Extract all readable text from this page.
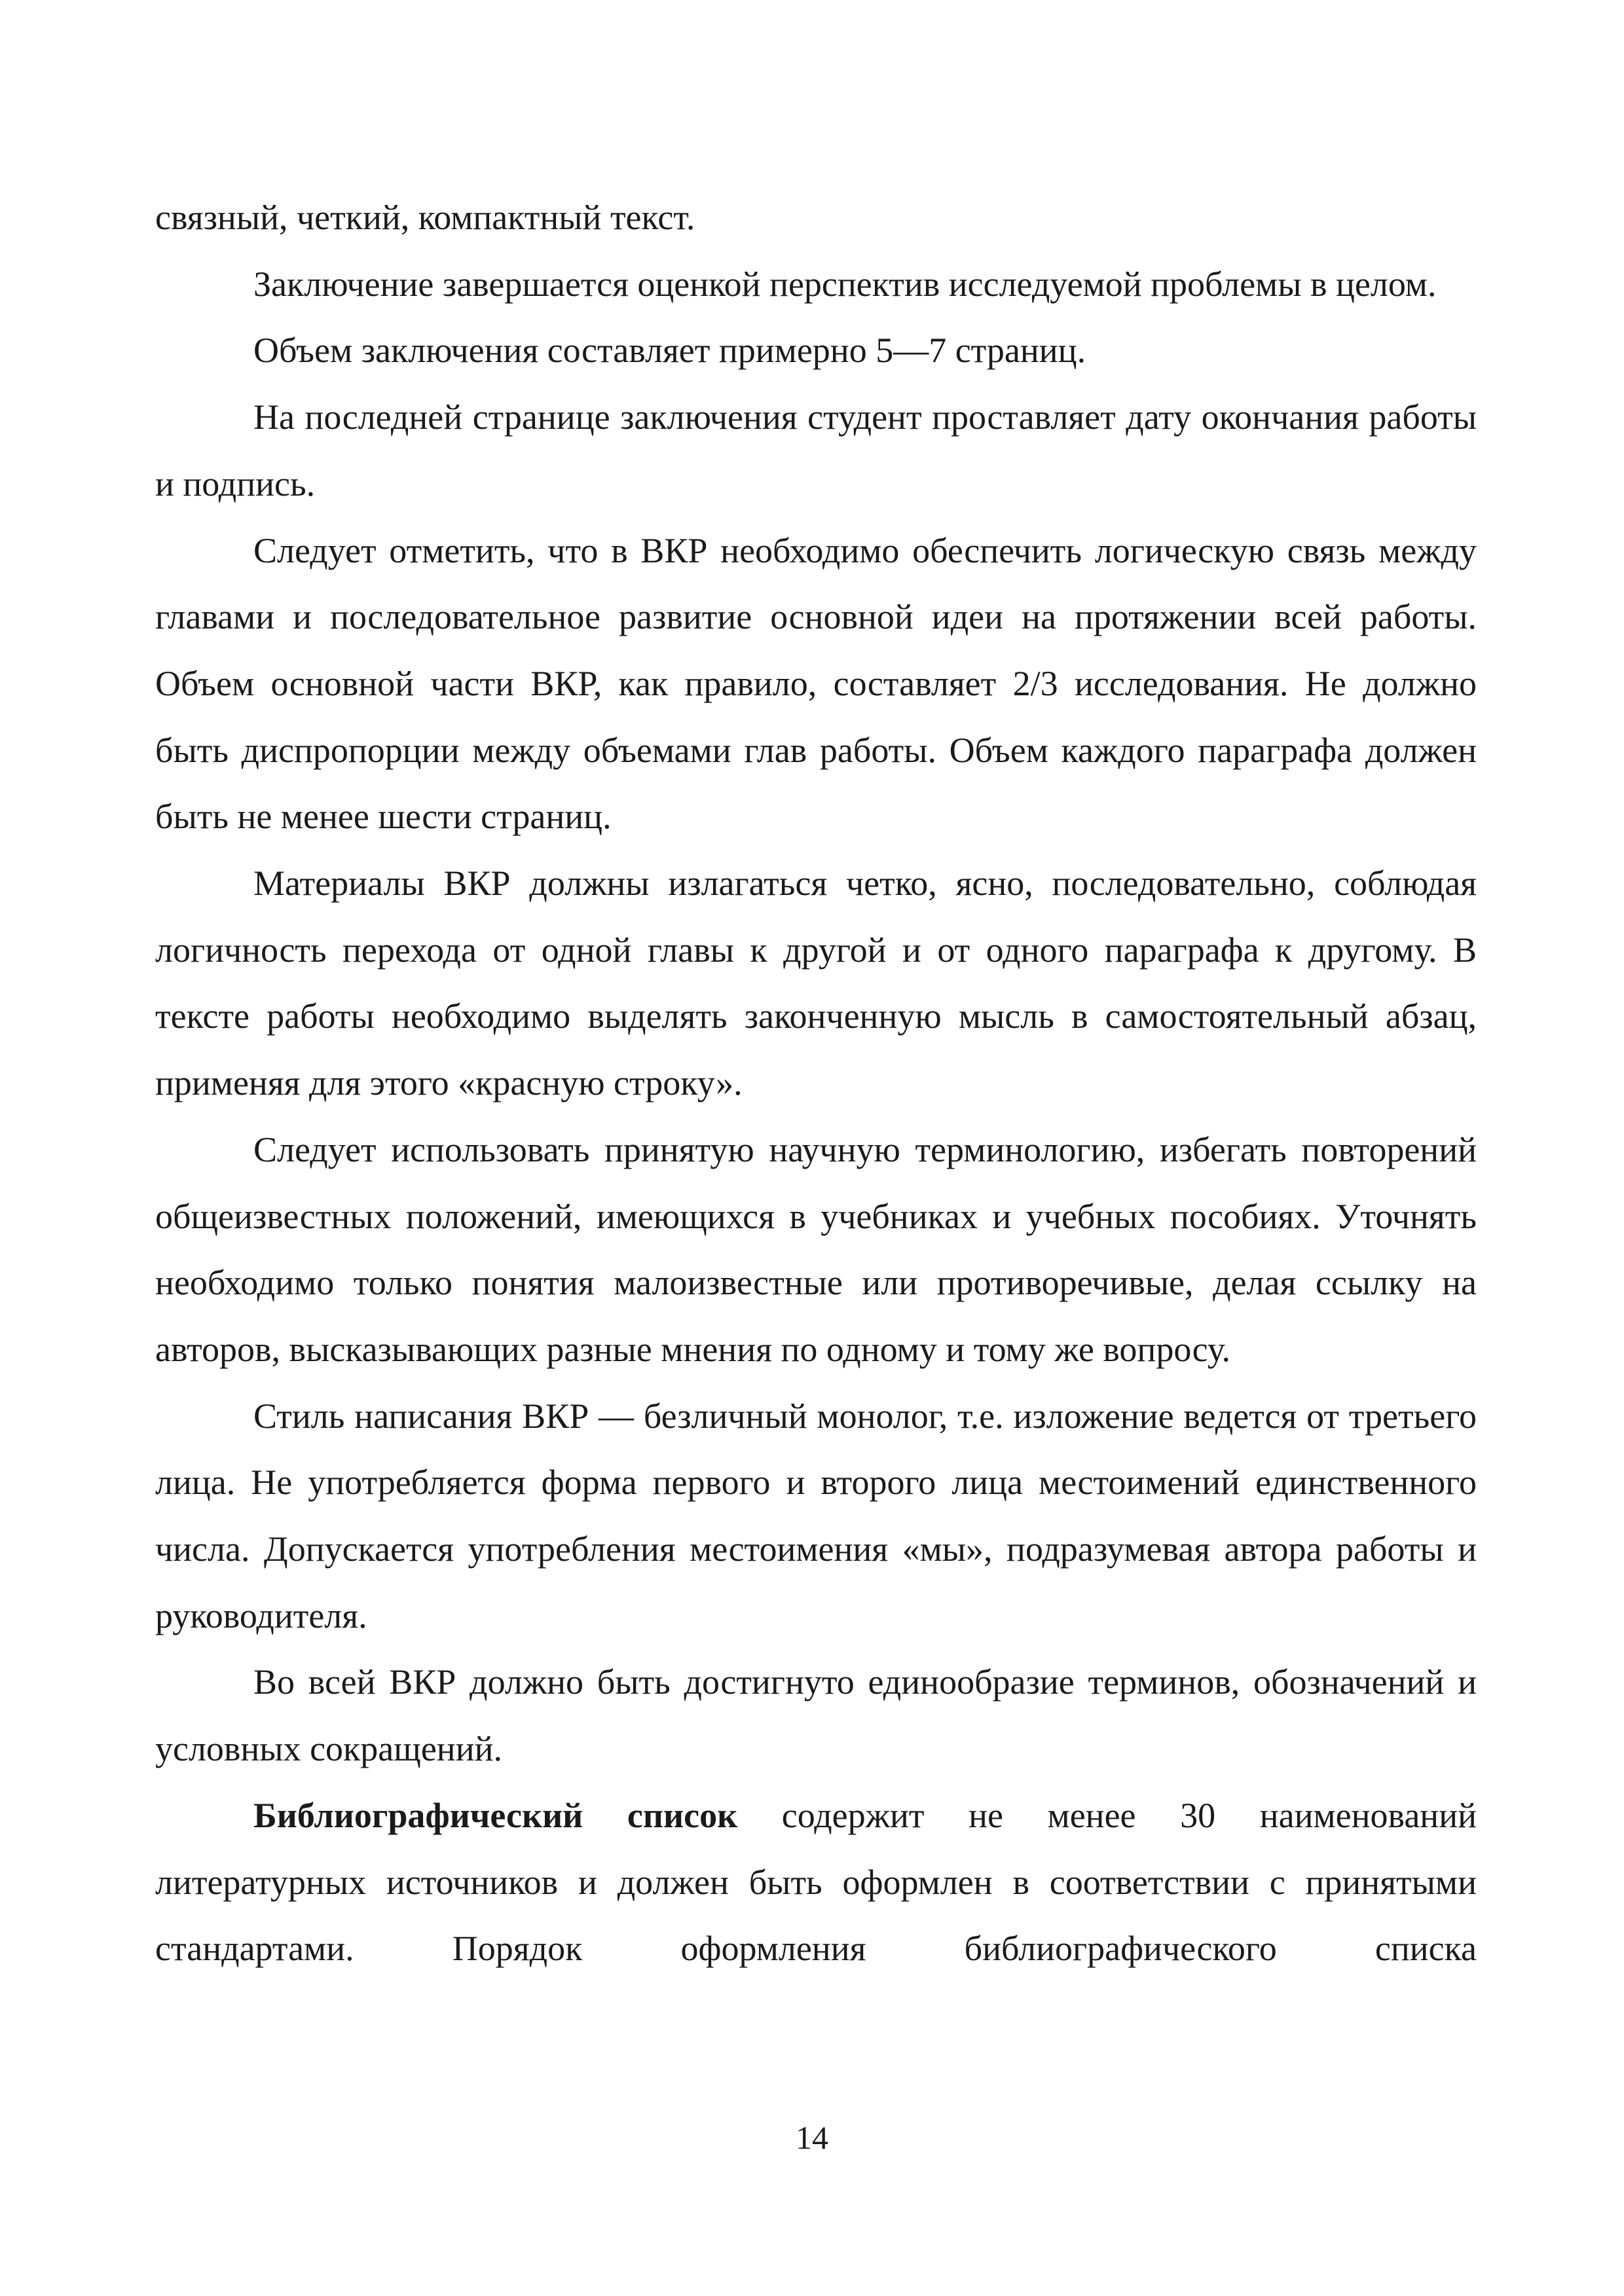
связный, четкий, компактный текст.

Заключение завершается оценкой перспектив исследуемой проблемы в целом.

Объем заключения составляет примерно 5—7 страниц.

На последней странице заключения студент проставляет дату окончания работы и подпись.

Следует отметить, что в ВКР необходимо обеспечить логическую связь между главами и последовательное развитие основной идеи на протяжении всей работы. Объем основной части ВКР, как правило, составляет 2/3 исследования. Не должно быть диспропорции между объемами глав работы. Объем каждого параграфа должен быть не менее шести страниц.

Материалы ВКР должны излагаться четко, ясно, последовательно, соблюдая логичность перехода от одной главы к другой и от одного параграфа к другому. В тексте работы необходимо выделять законченную мысль в самостоятельный абзац, применяя для этого «красную строку».

Следует использовать принятую научную терминологию, избегать повторений общеизвестных положений, имеющихся в учебниках и учебных пособиях. Уточнять необходимо только понятия малоизвестные или противоречивые, делая ссылку на авторов, высказывающих разные мнения по одному и тому же вопросу.

Стиль написания ВКР — безличный монолог, т.е. изложение ведется от третьего лица. Не употребляется форма первого и второго лица местоимений единственного числа. Допускается употребления местоимения «мы», подразумевая автора работы и руководителя.

Во всей ВКР должно быть достигнуто единообразие терминов, обозначений и условных сокращений.

Библиографический список содержит не менее 30 наименований литературных источников и должен быть оформлен в соответствии с принятыми стандартами. Порядок оформления библиографического списка

14
